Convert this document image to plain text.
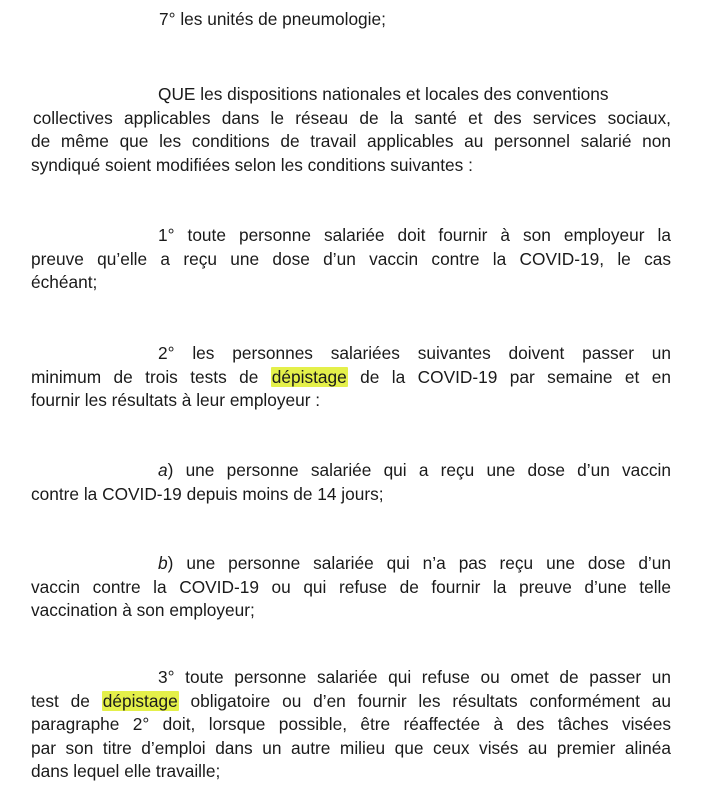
7° les unités de pneumologie;

QUE les dispositions nationales et locales des conventions
collectives applicables dans le réseau de la santé et des services sociaux,
de même que les conditions de travail applicables au personnel salarié non
syndiqué soient modifiées selon les conditions suivantes :
1° toute personne salariée doit fournir à son employeur la
preuve qu’elle a reçu une dose d’un vaccin contre la COVID-19, le cas
échéant;
2° les personnes salariées suivantes doivent passer un
minimum de trois tests de dépistage de la COVID-19 par semaine et en
fournir les résultats à leur employeur :
a) une personne salariée qui a reçu une dose d’un vaccin
contre la COVID-19 depuis moins de 14 jours;
b) une personne salariée qui n’a pas reçu une dose d’un
vaccin contre la COVID-19 ou qui refuse de fournir la preuve d’une telle
vaccination à son employeur;
3° toute personne salariée qui refuse ou omet de passer un
test de dépistage obligatoire ou d’en fournir les résultats conformément au
paragraphe 2° doit, lorsque possible, être réaffectée à des tâches visées
par son titre d’emploi dans un autre milieu que ceux visés au premier alinéa
dans lequel elle travaille;
